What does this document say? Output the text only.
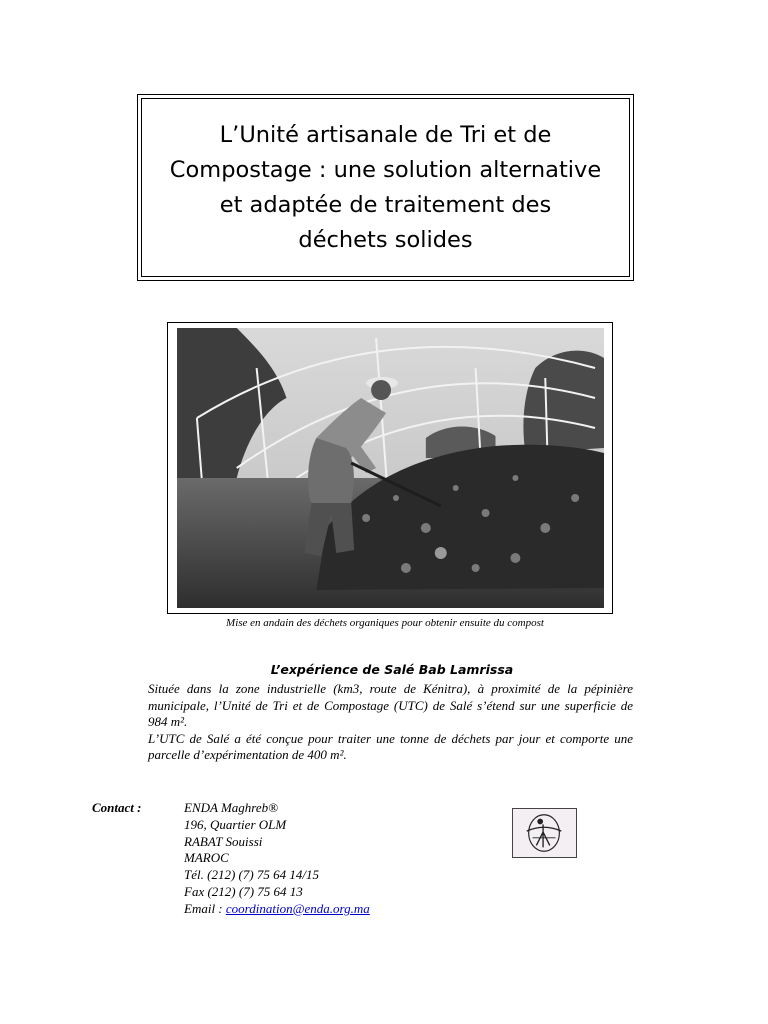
L’Unité artisanale de Tri et de
Compostage : une solution alternative
et adaptée de traitement des
déchets solides
Mise en andain des déchets organiques pour obtenir ensuite du compost
L’expérience de Salé Bab Lamrissa

Située dans la zone industrielle (km3, route de Kénitra), à proximité de la pépinière municipale, l’Unité de Tri et de Compostage (UTC) de Salé s’étend sur une superficie de 984 m².

L’UTC de Salé a été conçue pour traiter une tonne de déchets par jour et comporte une parcelle d’expérimentation de 400 m².

Contact :	ENDA Maghreb®
196, Quartier OLM
RABAT Souissi
MAROC
Tél. (212) (7) 75 64 14/15
Fax (212) (7) 75 64 13
Email : coordination@enda.org.ma
